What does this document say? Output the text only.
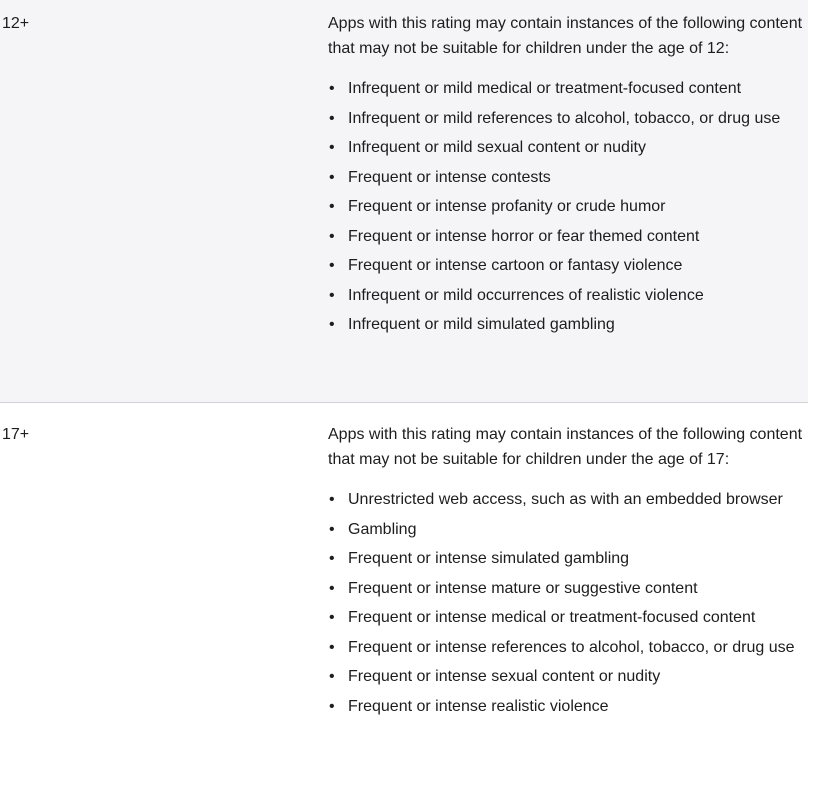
12+	Apps with this rating may contain instances of the following content that may not be suitable for children under the age of 12:

• Infrequent or mild medical or treatment-focused content
• Infrequent or mild references to alcohol, tobacco, or drug use
• Infrequent or mild sexual content or nudity
• Frequent or intense contests
• Frequent or intense profanity or crude humor
• Frequent or intense horror or fear themed content
• Frequent or intense cartoon or fantasy violence
• Infrequent or mild occurrences of realistic violence
• Infrequent or mild simulated gambling
17+	Apps with this rating may contain instances of the following content that may not be suitable for children under the age of 17:

• Unrestricted web access, such as with an embedded browser
• Gambling
• Frequent or intense simulated gambling
• Frequent or intense mature or suggestive content
• Frequent or intense medical or treatment-focused content
• Frequent or intense references to alcohol, tobacco, or drug use
• Frequent or intense sexual content or nudity
• Frequent or intense realistic violence
